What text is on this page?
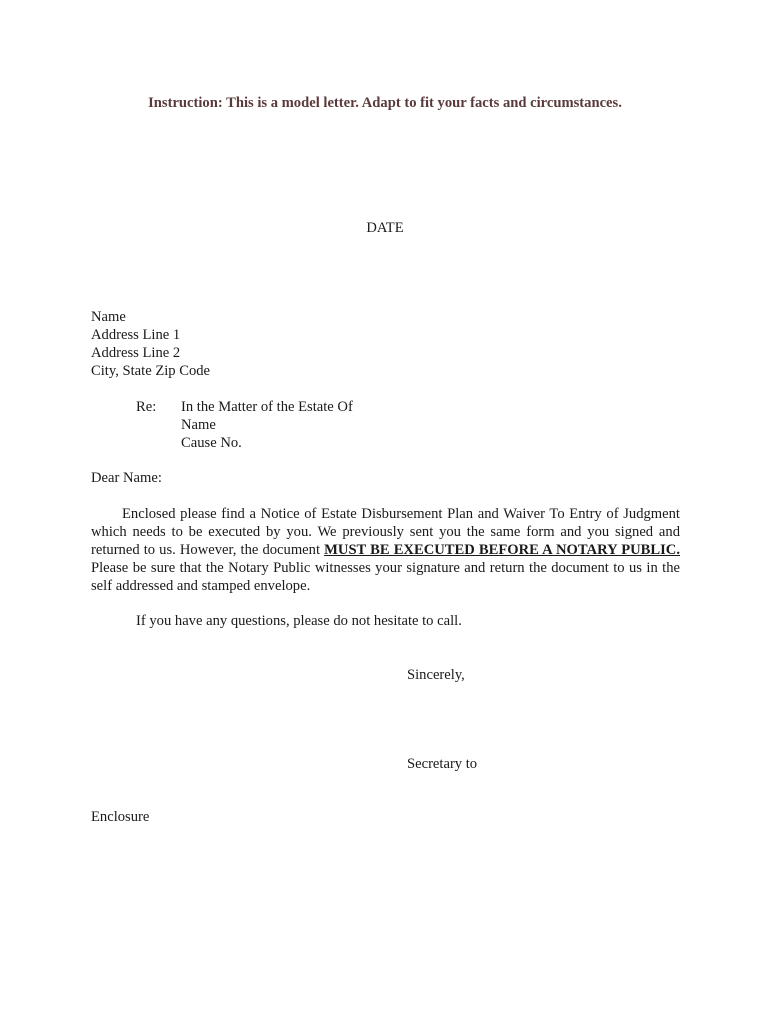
Instruction: This is a model letter. Adapt to fit your facts and circumstances.
DATE
Name
Address Line 1
Address Line 2
City, State Zip Code
Re: In the Matter of the Estate Of
Name
Cause No.
Dear Name:
Enclosed please find a Notice of Estate Disbursement Plan and Waiver To Entry of Judgment which needs to be executed by you. We previously sent you the same form and you signed and returned to us. However, the document MUST BE EXECUTED BEFORE A NOTARY PUBLIC. Please be sure that the Notary Public witnesses your signature and return the document to us in the self addressed and stamped envelope.
If you have any questions, please do not hesitate to call.
Sincerely,
Secretary to
Enclosure
